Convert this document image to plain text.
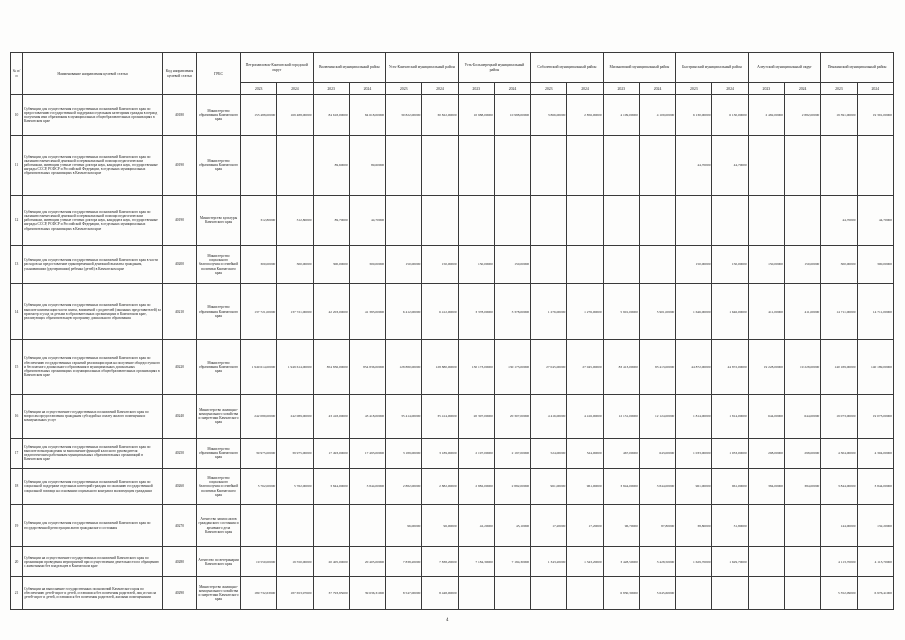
№ п/п	Наименование направления целевой статьи	Код направления целевой статьи	ГРБС	Петропавловск-Камчатский городской округ		Вилючинский муниципальный район		Усть-Камчатский муниципальный район		Усть-Большерецкий муниципальный район		Соболевский муниципальный район		Мильковский муниципальный район		Быстринский муниципальный район		Алеутский муниципальный округ		Пенжинский муниципальный район	
				2023	2024	2023	2024	2023	2024	2023	2024	2023	2024	2023	2024	2023	2024	2023	2024	2023	2024
10	Субвенции для осуществления государственных полномочий Камчатского края по предоставлению государственной поддержки отдельным категориям граждан в период получения ими образования в муниципальных общеобразовательных организациях в Камчатском крае	40180	Министерство образования Камчатского края	153 488,00000	169 488,00000	84 618,00000	84 618,00000	30 822,00000	30 822,00000	10 988,00000	10 988,00000	3 866,00000	2 856,00000	4 109,00000	4 109,00000	6 130,00000	6 130,00000	2 482,00000	2 882,00000	19 391,00000	19 391,00000
11	Субвенции для осуществления государственных полномочий Камчатского края по оказанию ежемесячной денежной и первоначальной помощи педагогическим работникам, имеющим ученые степени доктора наук, кандидата наук, государственные награды СССР, РСФСР и Российской Федерации, в отдельных муниципальных образовательных организациях в Камчатском крае	40190	Министерство образования Камчатского края			89,60000	89,60000									44,70000	44,70000				
12	Субвенции для осуществления государственных полномочий Камчатского края по оказанию ежемесячной денежной и первоначальной помощи педагогическим работникам, имеющим ученые степени доктора наук, кандидата наук, государственные награды СССР, РСФСР и Российской Федерации, в отдельных муниципальных образовательных организациях в Камчатском крае	40190	Министерство культуры Камчатского края	312,80000	312,80000	89,70000	44,70000													44,70000	44,70000
13	Субвенции для осуществления государственных полномочий Камчатского края в части расходов на предоставление единовременной денежной выплаты гражданам, усыновившим (удочерившим) ребенка (детей) в Камчатском крае	40200	Министерство социального благополучия и семейной политики Камчатского края	300,00000	300,00000	300,00000	300,00000	150,00000	150,00000	150,00000	150,00000					150,00000	150,00000	150,00000	150,00000	300,00000	300,00000
14	Субвенции для осуществления государственных полномочий Камчатского края по выплате компенсации части платы, взимаемой с родителей (законных представителей) за присмотр и уход за детьми в образовательных организациях в Камчатском крае, реализующих образовательную программу дошкольного образования	40210	Министерство образования Камчатского края	137 721,00000	137 721,00000	42 203,00000	41 383,00000	6 412,00000	6 412,00000	3 378,00000	3 378,00000	1 276,00000	1 276,00000	5 901,00000	5 901,00000	1 646,00000	1 646,00000	411,00000	411,00000	14 711,00000	14 711,00000
15	Субвенции для осуществления государственных полномочий Камчатского края по обеспечению государственных гарантий реализации прав на получение общедоступного и бесплатного дошкольного образования в муниципальных дошкольных образовательных организациях и муниципальных общеобразовательных организациях в Камчатском крае	40220	Министерство образования Камчатского края	1 949 614,00000	1 949 614,00000	854 836,00000	854 836,00000	128 880,00000	128 880,00000	130 173,00000	130 173,00000	27 045,00000	27 045,00000	83 413,00000	83 413,00000	44 872,00000	44 872,00000	19 228,00000	19 228,00000	140 189,00000	140 189,00000
16	Субвенции на осуществление государственных полномочий Камчатского края по вопросам предоставления гражданам субсидий на оплату жилого помещения и коммунальных услуг	40240	Министерство жилищно-коммунального хозяйства и энергетики Камчатского края	242 089,00000	242 089,00000	43 418,00000	43 418,00000	35 414,00000	35 414,00000	20 307,00000	20 307,00000	4 416,00000	4 416,00000	12 131,00000	12 124,00000	1 814,00000	1 814,00000	644,00000	644,00000	19 073,00000	19 073,00000
17	Субвенции для осуществления государственных полномочий Камчатского края по выплате вознаграждения за выполнение функций классного руководителя педагогическим работникам муниципальных образовательных организаций в Камчатском крае	40250	Министерство образования Камчатского края	39 975,00000	39 975,00000	17 493,00000	17 493,00000	3 189,00000	3 189,00000	2 197,00000	2 197,00000	524,00000	524,00000	467,00000	643,00000	1 033,00000	1 033,00000	298,00000	298,00000	4 304,00000	4 304,00000
18	Субвенции для осуществления государственных полномочий Камчатского края по социальной поддержке отдельных категорий граждан по оказанию государственной социальной помощи на основании социального контракта малоимущим гражданам	40260	Министерство социального благополучия и семейной политики Камчатского края	5 762,00000	5 762,00000	3 844,00000	3 844,00000	2 882,00000	2 882,00000	2 882,00000	2 882,00000	961,00000	961,00000	3 844,00000	3 844,00000	961,00000	961,00000	384,00000	384,00000	3 844,00000	3 844,00000
19	Субвенции для осуществления государственных полномочий Камчатского края по государственной регистрации актов гражданского состояния	40270	Агентство записи актов гражданского состояния и архивного дела Камчатского края					96,00000	96,00000	42,20000	45,10000	17,20000	17,20000	96,70000	87,80000	38,80000	31,80000			144,00000	132,20000
20	Субвенции на осуществление государственных полномочий Камчатского края по организации проведения мероприятий при осуществлении деятельности по обращению с животными без владельцев в Камчатском крае	40280	Агентство по ветеринарии Камчатского края	19 550,00000	19 550,00000	20 405,00000	20 405,00000	7 838,20000	7 838,20000	7 184,30000	7 184,30000	1 343,20000	1 343,20000	3 428,50000	3 428,50000	1 629,70000	1 629,70000			4 113,70000	4 113,70000
21	Субвенции на выполнение государственных полномочий Камчатского края по обеспечению детей-сирот и детей, оставшихся без попечения родителей, лиц из числа детей-сирот и детей, оставшихся без попечения родителей, жилыми помещениями	40290	Министерство жилищно-коммунального хозяйства и энергетики Камчатского края	189 732,63900	187 653,97600	37 793,85000	39 636,31000	8 547,00000	8 448,00000					6 830,30000	5 645,60000					5 352,09000	6 976,41000
4
